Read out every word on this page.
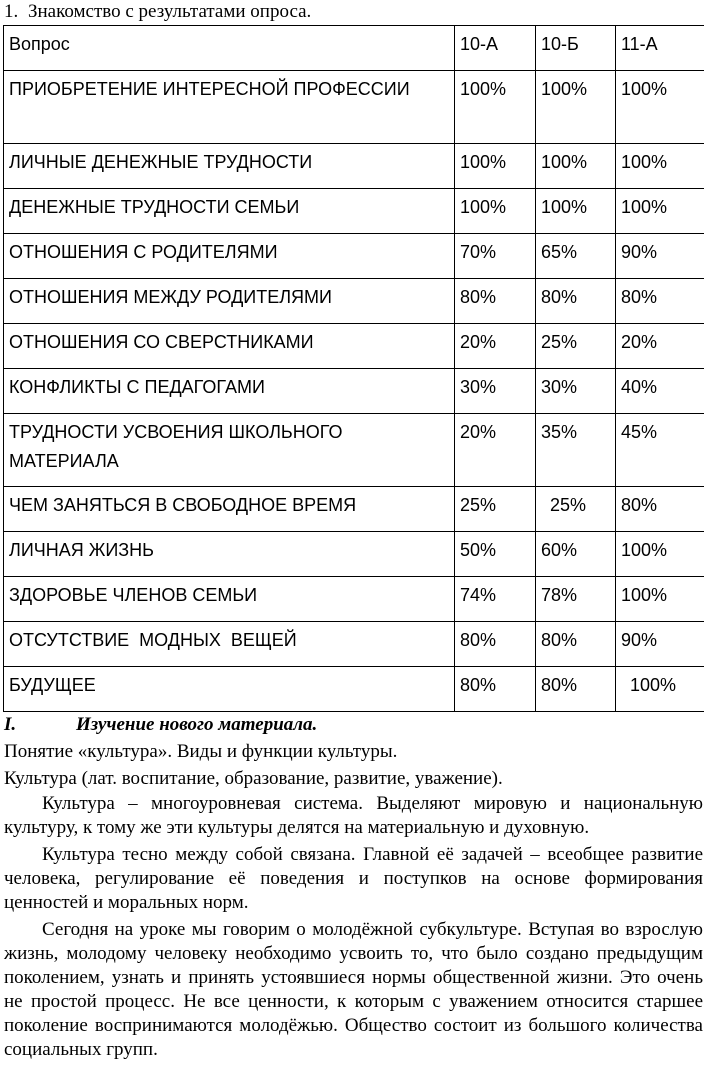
1. Знакомство с результатами опроса.
Вопрос	10-А	10-Б	11-А
ПРИОБРЕТЕНИЕ ИНТЕРЕСНОЙ ПРОФЕССИИ	100%	100%	100%
ЛИЧНЫЕ ДЕНЕЖНЫЕ ТРУДНОСТИ	100%	100%	100%
ДЕНЕЖНЫЕ ТРУДНОСТИ СЕМЬИ	100%	100%	100%
ОТНОШЕНИЯ С РОДИТЕЛЯМИ	70%	65%	90%
ОТНОШЕНИЯ МЕЖДУ РОДИТЕЛЯМИ	80%	80%	80%
ОТНОШЕНИЯ СО СВЕРСТНИКАМИ	20%	25%	20%
КОНФЛИКТЫ С ПЕДАГОГАМИ	30%	30%	40%
ТРУДНОСТИ УСВОЕНИЯ ШКОЛЬНОГО МАТЕРИАЛА	20%	35%	45%
ЧЕМ ЗАНЯТЬСЯ В СВОБОДНОЕ ВРЕМЯ	25%	25%	80%
ЛИЧНАЯ ЖИЗНЬ	50%	60%	100%
ЗДОРОВЬЕ ЧЛЕНОВ СЕМЬИ	74%	78%	100%
ОТСУТСТВИЕ  МОДНЫХ  ВЕЩЕЙ	80%	80%	90%
БУДУЩЕЕ	80%	80%	100%

I.	Изучение нового материала.

Понятие «культура». Виды и функции культуры.

Культура (лат. воспитание, образование, развитие, уважение).

Культура – многоуровневая система. Выделяют мировую и национальную культуру, к тому же эти культуры делятся на материальную и духовную.

Культура тесно между собой связана. Главной её задачей – всеобщее развитие человека, регулирование её поведения и поступков на основе формирования ценностей и моральных норм.

Сегодня на уроке мы говорим о молодёжной субкультуре. Вступая во взрослую жизнь, молодому человеку необходимо усвоить то, что было создано предыдущим поколением, узнать и принять устоявшиеся нормы общественной жизни. Это очень не простой процесс. Не все ценности, к которым с уважением относится старшее поколение воспринимаются молодёжью. Общество состоит из большого количества социальных групп.
